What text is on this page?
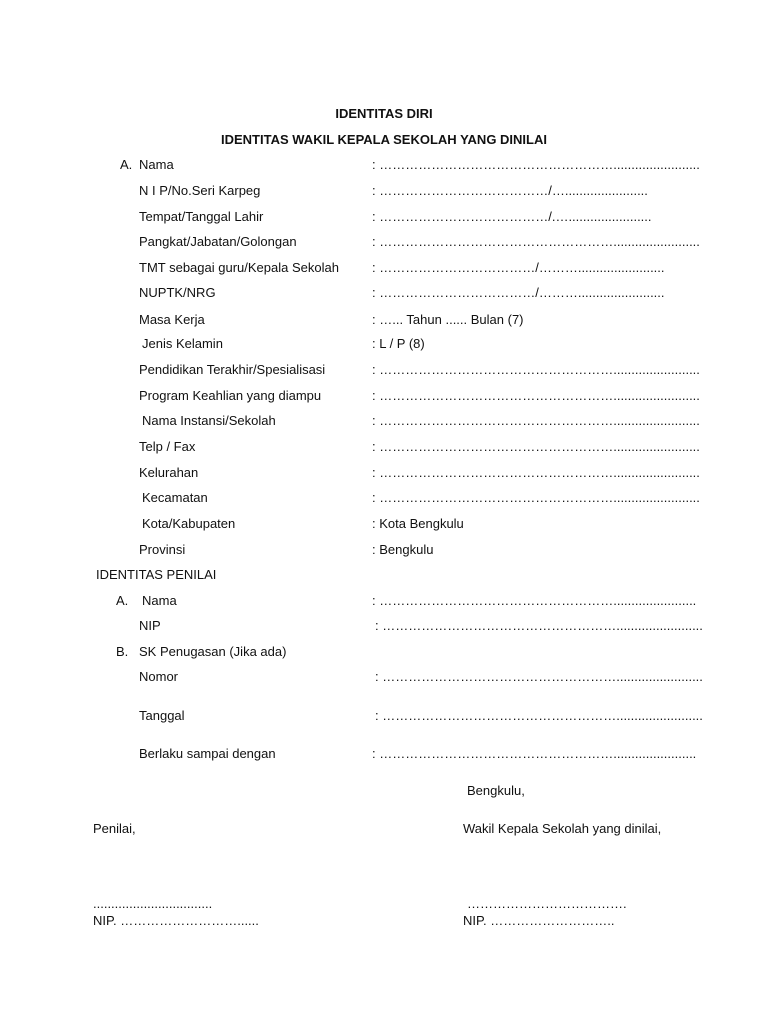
IDENTITAS DIRI
IDENTITAS WAKIL KEPALA SEKOLAH YANG DINILAI
A. Nama	: ………………………………………………........................
N I P/No.Seri Karpeg	: …………………………………/….......................
Tempat/Tanggal Lahir	: …………………………………/.….......................
Pangkat/Jabatan/Golongan	: ………………………………………………........................
TMT sebagai guru/Kepala Sekolah	: ………………………………/………........................
NUPTK/NRG	: ………………………………/………........................
Masa Kerja	: …... Tahun ...... Bulan (7)
Jenis Kelamin	: L / P (8)
Pendidikan Terakhir/Spesialisasi	: ………………………………………………........................
Program Keahlian yang diampu	: ………………………………………………........................
Nama Instansi/Sekolah	: ………………………………………………........................
Telp / Fax	: ………………………………………………........................
Kelurahan	: ………………………………………………........................
Kecamatan	: ………………………………………………........................
Kota/Kabupaten	: Kota Bengkulu
Provinsi	: Bengkulu
IDENTITAS PENILAI
A. Nama	: ……………………………………………….......................
NIP	: ………………………………………………........................
B. SK Penugasan (Jika ada)
Nomor	: ………………………………………………........................
Tanggal	: ………………………………………………........................
Berlaku sampai dengan	: ……………………………………………….......................
Bengkulu,
Penilai,	Wakil Kepala Sekolah yang dinilai,
.................................	……………………………….
NIP. ………………………......	NIP. ………………………..
